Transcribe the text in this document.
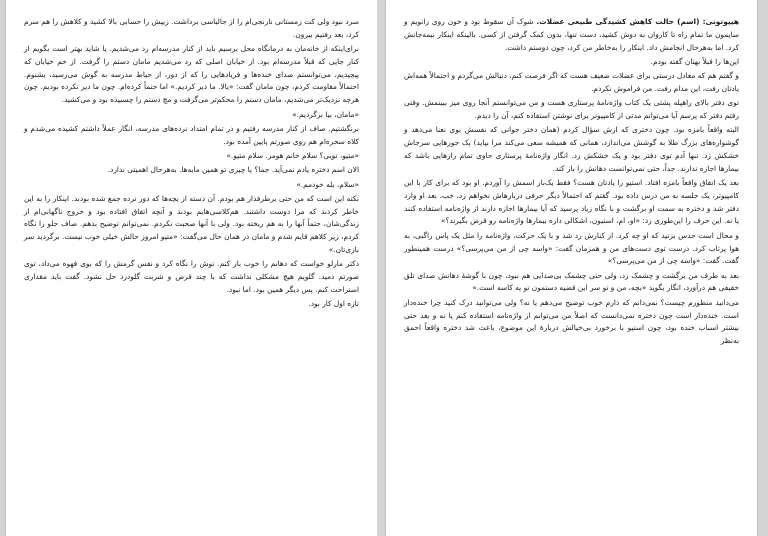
سرد نبود ولی کت زمستانی نارنجی‌ام را از جالباسی برداشت. زیپش را حسابی بالا کشید و کلاهش را هم سرم کرد، بعد رفتیم بیرون.

برای‌اینکه از خانه‌مان به درمانگاه محل برسیم باید از کنار مدرسه‌ام رد می‌شدیم. یا شاید بهتر است بگویم از کنار جایی که قبلاً مدرسه‌ام بود. از خیابان اصلی که رد می‌شدیم مامان دستم را گرفت. از خم خیابان که پیچیدیم، می‌توانستم صدای خنده‌ها و فریادهایی را که از دور، از حیاط مدرسه به گوش می‌رسید، بشنوم. احتمالاً مقاومت کردم، چون مامان گفت: «یالا. ما دیر کردیم.» اما حتماً کرده‌ام. چون ما دیر نکرده بودیم. چون هرچه نزدیک‌تر می‌شدیم، مامان دستم را محکم‌تر می‌گرفت و مچ دستم را چسبیده بود و می‌کشید.

«مامان، بیا برگردیم.»

برنگشتیم. صاف از کنار مدرسه رفتیم و در تمام امتداد نرده‌های مدرسه، انگار عملاً داشتم کشیده می‌شدم و کلاه سخره‌ام هم روی صورتم پایین آمده بود.

«متیو، تویی؟ سلام خانم هومز. سلام متیو.»

الان اسم دختره یادم نمی‌آید. جما؟ یا چیزی تو همین مایه‌ها. به‌هرحال اهمیتی ندارد.

«سلام، بله خودمم.»

نکته این است که من حتی برطرفدار هم بودم. آن دسته از بچه‌ها که دور نرده جمع شده بودند. اینکار را به این خاطر کردند که مرا دوست داشتند. هم‌کلاسی‌هایم بودند و آنچه اتفاق افتاده بود و خروج ناگهانی‌ام از زندگی‌شان، حتماً آنها را به هم ریخته بود. ولی با آنها صحبت نکردم. نمی‌توانم توضیح بدهم. صاف جلو را نگاه کردم، زیر کلاهم قایم شدم و مامان در همان حال می‌گفت: «متیو امروز حالش خیلی خوب نیست. برگردید سر بازی‌تان.»

دکتر مارلو خواست که دهانم را خوب باز کنم. توش را نگاه کرد و نفس گرمش را که بوی قهوه می‌داد، توی صورتم دمید. گلویم هیچ مشکلی نداشت که با چند قرص و شربت گلودرد حل نشود. گفت باید مقداری استراحت کنم. پس دیگر همین بود. اما نبود.

تازه اول کار بود.

هیپوتونی: (اسم) حالت کاهش کشیدگی طبیعی عضلات. شوک آن سقوط بود و خون روی زانویم و سایمون ما تمام راه تا کاروان به دوش کشید، دست تنها، بدون کمک گرفتن از کسی. بالینکه اینکار نیمه‌جانش کرد. اما به‌هرحال انجامش داد. اینکار را به‌خاطر من کرد، چون دوستم داشت.

این‌ها را قبلاً بهتان گفته بودم.

و گفتم هم که معادل درستی برای عضلات ضعیف هست که اگر فرصت کنم، دنبالش می‌گردم و احتمالاً همه‌اش یادتان رفت، این مدام رفت. من فراموش نکردم.

توی دفتر بالای راهپله پشتی یک کتاب واژه‌نامهٔ پرستاری هست و من می‌توانستم آنجا روی میز ببینمش. وقتی رفتم دفتر که پرسم آیا می‌توانم مدتی از کامپیوتر برای نوشتن استفاده کنم، آن را دیدم.

البته واقعاً بامزه بود. چون دختری که ازش سؤال کردم (همان دختر جوانی که نفسش بوی نعنا می‌دهد و گوشواره‌های بزرگ طلا به گوشش می‌اندازد، همانی که همیشه سعی می‌کند مرا بپاید) یک جورهایی سرجاش خشکش زد. تنها آدم توی دفتر بود و یک خشکش زد. انگار واژه‌نامهٔ پرستاری حاوی تمام رازهایی باشد که بیمارها اجازه ندارند. جداً، حتی نمی‌توانست دهانش را باز کند.

بعد یک اتفاق واقعاً بامزه افتاد. استیو را یادتان هست؟ فقط یک‌بار اسمش را آوردم. او بود که برای کار با این کامپیوتر، یک جلسه به من درس داده بود. گفتم که احتمالاً دیگر حرفی دربار‌هاش نخواهم زد، خب، بعد او وارد دفتر شد و دختره به سمت او برگشت و با نگاه زیاد پرسید که آیا بیمارها اجازه دارند از واژه‌نامه استفاده کنند یا نه. این حرف را این‌طوری زد: «او، ام، استیون، اشکالی داره بیمارها واژه‌نامه رو قرض بگیرند؟»

و محال است حدس بزنید که او چه کرد. از کنارش رد شد و با یک حرکت، واژه‌نامه را مثل یک پاس راگبی، به هوا پرتاب کرد. درست توی دست‌های من و همزمان گفت: «واسه چی از من می‌پرسی؟» درست همینطور گفت. گفت: «واسه چی از من می‌پرسی؟»

بعد به طرف من برگشت و چشمک زد، ولی حتی چشمک بی‌صدایی هم نبود، چون با گوشهٔ دهانش صدای تلق خفیفی هم درآورد، انگار بگوید «بچه، من و تو سر این قضیه دستمون تو یه کاسه است.»

می‌دانید منظورم چیست؟ نمی‌دانم که دارم خوب توضیح می‌دهم یا نه؟ ولی می‌توانید درک کنید چرا خنده‌دار است. خنده‌دار است چون دختره نمی‌دانست که اصلاً من می‌توانم از واژه‌نامه استفاده کنم یا نه و بعد حتی بیشتر اسباب خنده بود، چون استیو با برخورد بی‌خیالش دربارهٔ این موضوع، باعث شد دختره واقعاً احمق به‌نظر
